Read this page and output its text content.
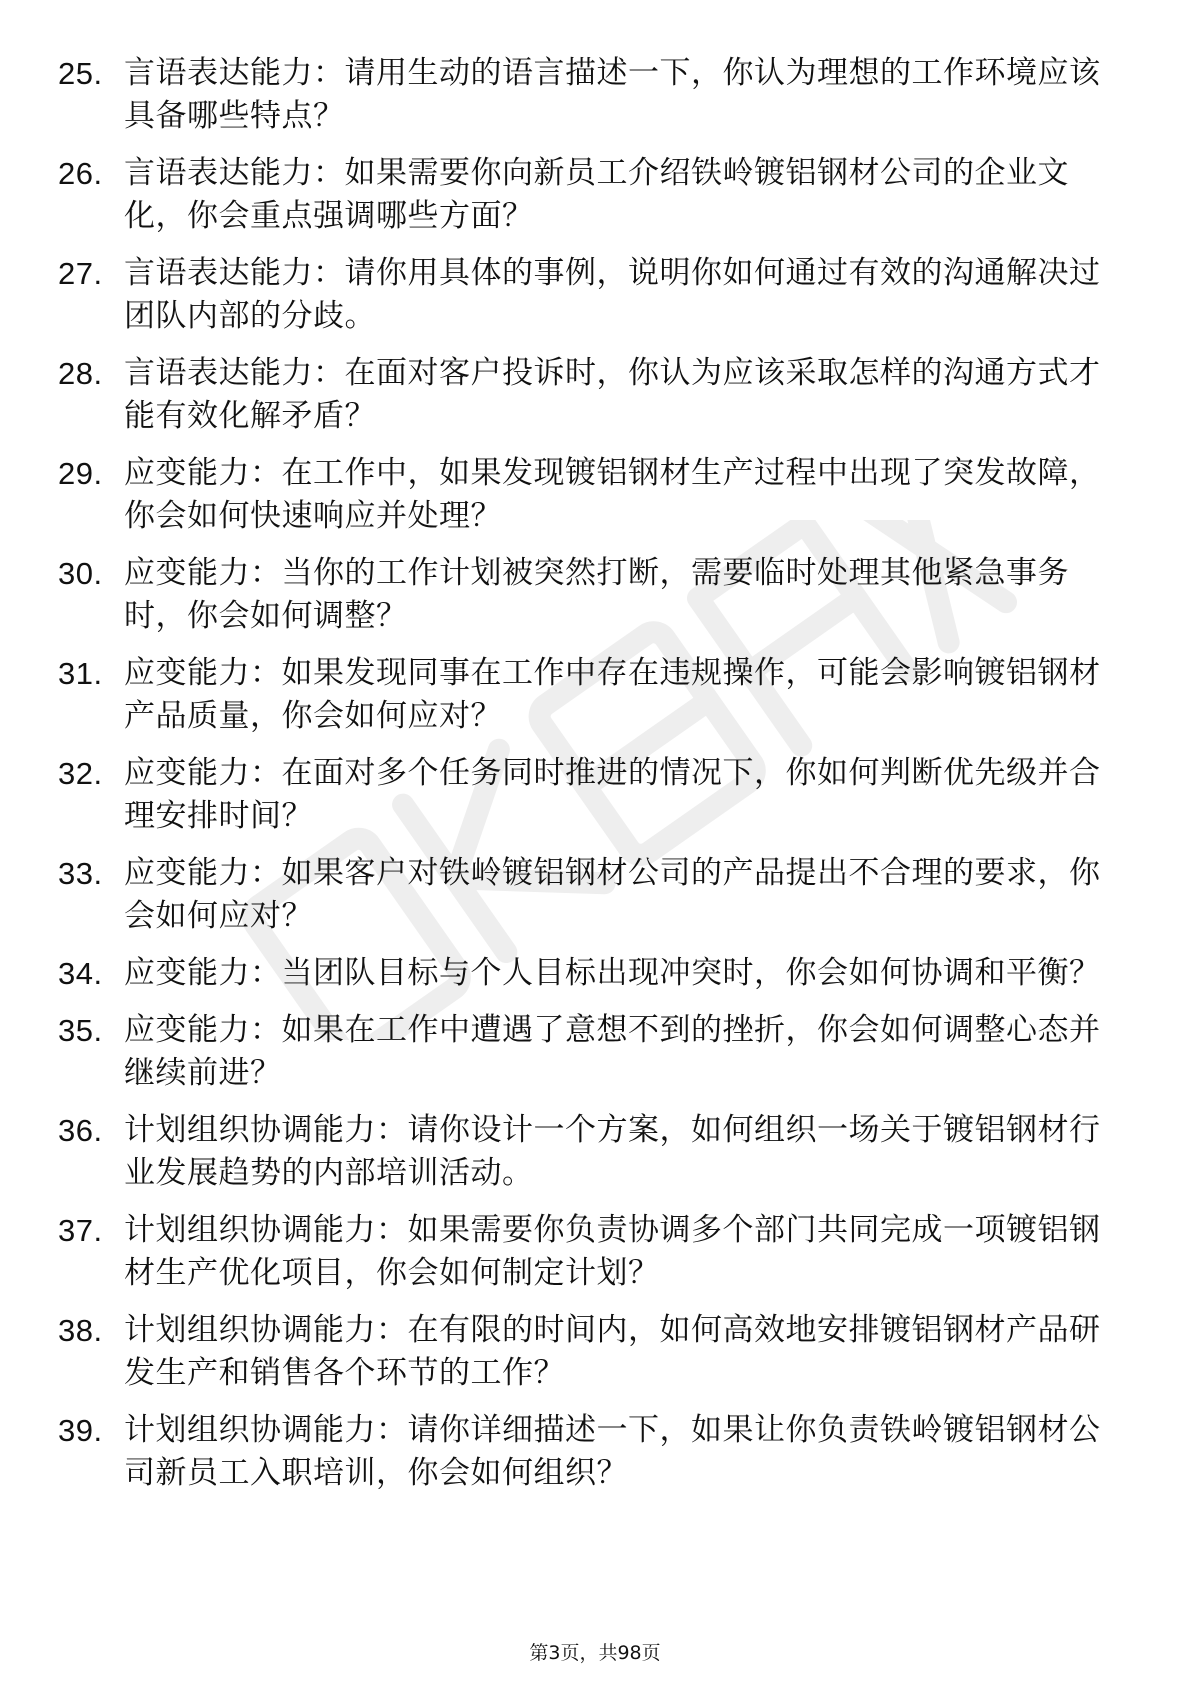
25. 言语表达能力：请用生动的语言描述一下，你认为理想的工作环境应该具备哪些特点？
26. 言语表达能力：如果需要你向新员工介绍铁岭镀铝钢材公司的企业文化，你会重点强调哪些方面？
27. 言语表达能力：请你用具体的事例，说明你如何通过有效的沟通解决过团队内部的分歧。
28. 言语表达能力：在面对客户投诉时，你认为应该采取怎样的沟通方式才能有效化解矛盾？
29. 应变能力：在工作中，如果发现镀铝钢材生产过程中出现了突发故障，你会如何快速响应并处理？
30. 应变能力：当你的工作计划被突然打断，需要临时处理其他紧急事务时，你会如何调整？
31. 应变能力：如果发现同事在工作中存在违规操作，可能会影响镀铝钢材产品质量，你会如何应对？
32. 应变能力：在面对多个任务同时推进的情况下，你如何判断优先级并合理安排时间？
33. 应变能力：如果客户对铁岭镀铝钢材公司的产品提出不合理的要求，你会如何应对？
34. 应变能力：当团队目标与个人目标出现冲突时，你会如何协调和平衡？
35. 应变能力：如果在工作中遭遇了意想不到的挫折，你会如何调整心态并继续前进？
36. 计划组织协调能力：请你设计一个方案，如何组织一场关于镀铝钢材行业发展趋势的内部培训活动。
37. 计划组织协调能力：如果需要你负责协调多个部门共同完成一项镀铝钢材生产优化项目，你会如何制定计划？
38. 计划组织协调能力：在有限的时间内，如何高效地安排镀铝钢材产品研发生产和销售各个环节的工作？
39. 计划组织协调能力：请你详细描述一下，如果让你负责铁岭镀铝钢材公司新员工入职培训，你会如何组织？
第3页，共98页
